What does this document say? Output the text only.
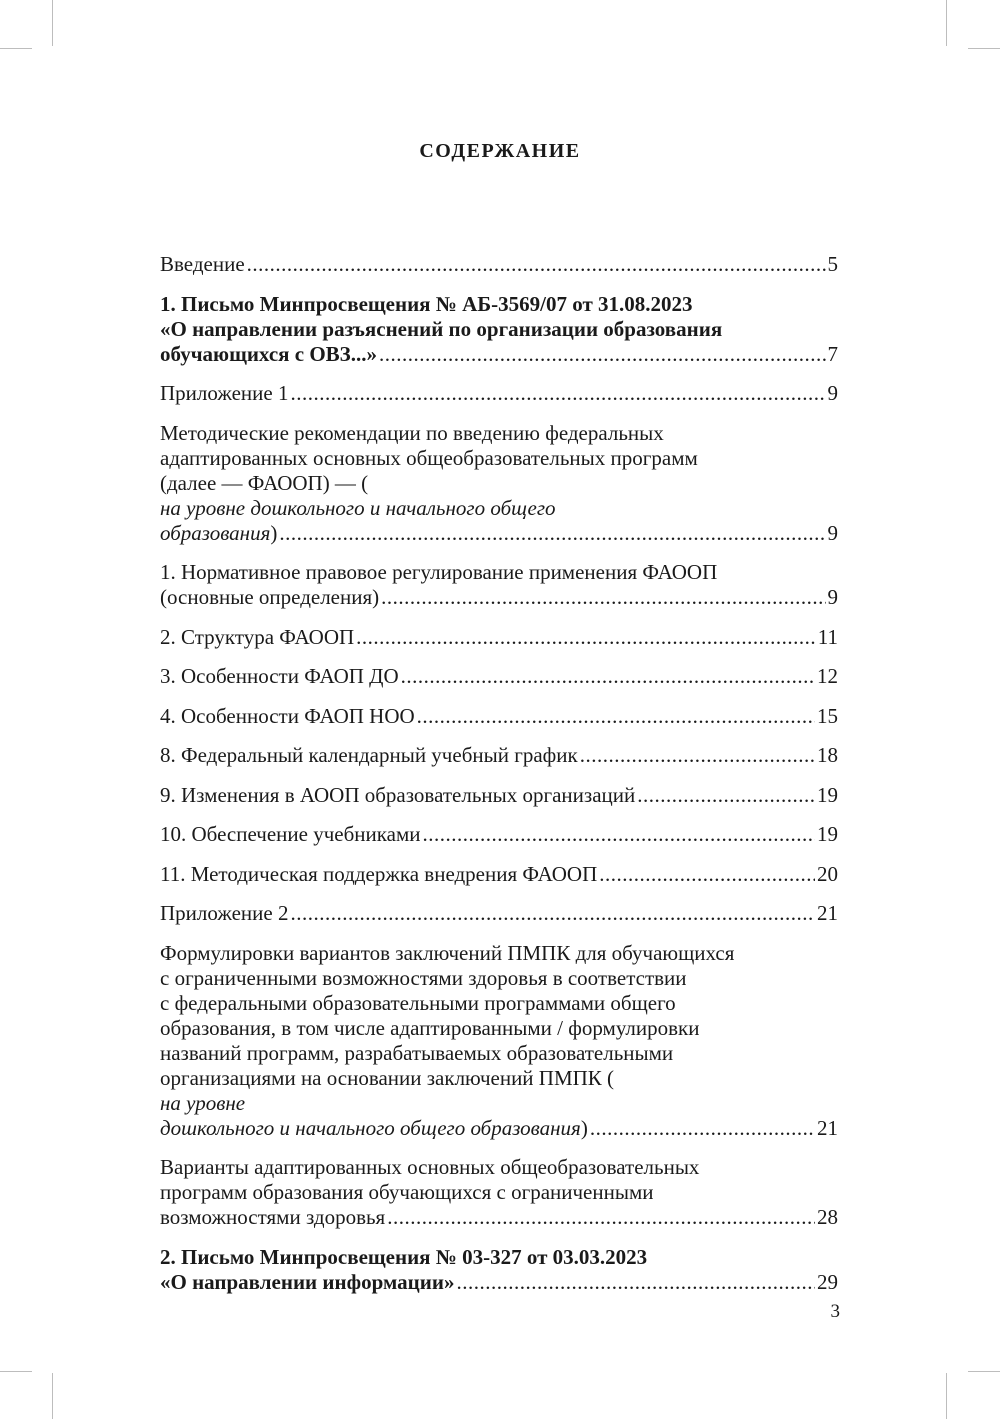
СОДЕРЖАНИЕ
Введение .....	5
1. Письмо Минпросвещения № АБ-3569/07 от 31.08.2023
«О направлении разъяснений по организации образования
обучающихся с ОВЗ...» .....	7
Приложение 1 .....	9
Методические рекомендации по введению федеральных
адаптированных основных общеобразовательных программ
(далее — ФАООП) — (
на уровне дошкольного и начального общего
образования) .....	9
1. Нормативное правовое регулирование применения ФАООП
(основные определения) .....	9
2. Структура ФАООП .....	11
3. Особенности ФАОП ДО .....	12
4. Особенности ФАОП НОО .....	15
8. Федеральный календарный учебный график .....	18
9. Изменения в АООП образовательных организаций .....	19
10. Обеспечение учебниками .....	19
11. Методическая поддержка внедрения ФАООП .....	20
Приложение 2 .....	21
Формулировки вариантов заключений ПМПК для обучающихся
с ограниченными возможностями здоровья в соответствии
с федеральными образовательными программами общего
образования, в том числе адаптированными / формулировки
названий программ, разрабатываемых образовательными
организациями на основании заключений ПМПК (
на уровне
дошкольного и начального общего образования) .....	21
Варианты адаптированных основных общеобразовательных
программ образования обучающихся с ограниченными
возможностями здоровья .....	28
2. Письмо Минпросвещения № 03-327 от 03.03.2023
«О направлении информации» .....	29
3
